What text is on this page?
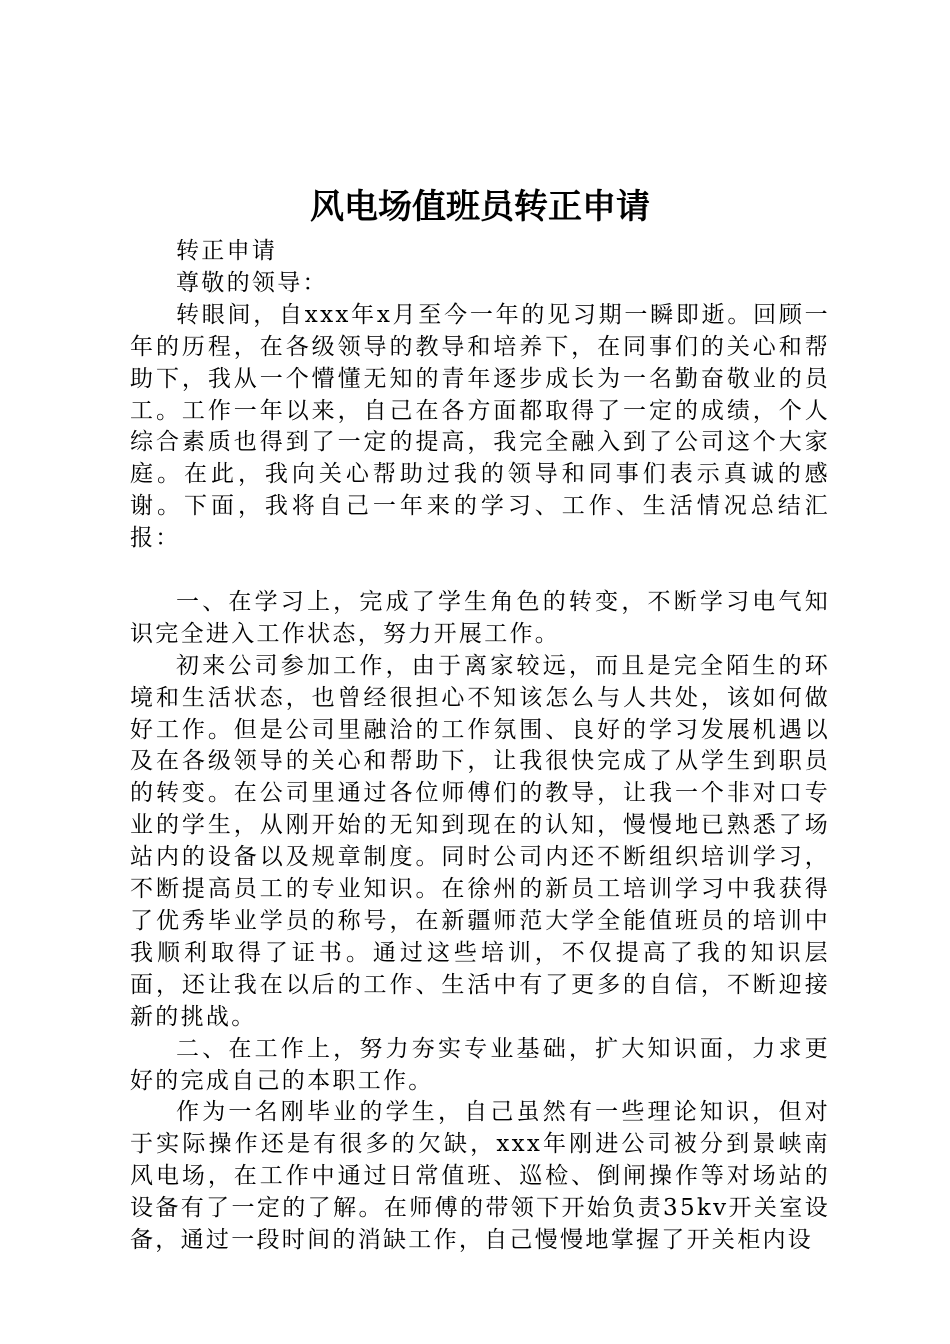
风电场值班员转正申请

转正申请

尊敬的领导：

转眼间，自xxx年x月至今一年的见习期一瞬即逝。回顾一年的历程，在各级领导的教导和培养下，在同事们的关心和帮助下，我从一个懵懂无知的青年逐步成长为一名勤奋敬业的员工。工作一年以来，自己在各方面都取得了一定的成绩，个人综合素质也得到了一定的提高，我完全融入到了公司这个大家庭。在此，我向关心帮助过我的领导和同事们表示真诚的感谢。下面，我将自己一年来的学习、工作、生活情况总结汇报：

一、在学习上，完成了学生角色的转变，不断学习电气知识完全进入工作状态，努力开展工作。

初来公司参加工作，由于离家较远，而且是完全陌生的环境和生活状态，也曾经很担心不知该怎么与人共处，该如何做好工作。但是公司里融洽的工作氛围、良好的学习发展机遇以及在各级领导的关心和帮助下，让我很快完成了从学生到职员的转变。在公司里通过各位师傅们的教导，让我一个非对口专业的学生，从刚开始的无知到现在的认知，慢慢地已熟悉了场站内的设备以及规章制度。同时公司内还不断组织培训学习，不断提高员工的专业知识。在徐州的新员工培训学习中我获得了优秀毕业学员的称号，在新疆师范大学全能值班员的培训中我顺利取得了证书。通过这些培训，不仅提高了我的知识层面，还让我在以后的工作、生活中有了更多的自信，不断迎接新的挑战。

二、在工作上，努力夯实专业基础，扩大知识面，力求更好的完成自己的本职工作。

作为一名刚毕业的学生，自己虽然有一些理论知识，但对于实际操作还是有很多的欠缺，xxx年刚进公司被分到景峡南风电场，在工作中通过日常值班、巡检、倒闸操作等对场站的设备有了一定的了解。在师傅的带领下开始负责35kv开关室设备，通过一段时间的消缺工作，自己慢慢地掌握了开关柜内设
